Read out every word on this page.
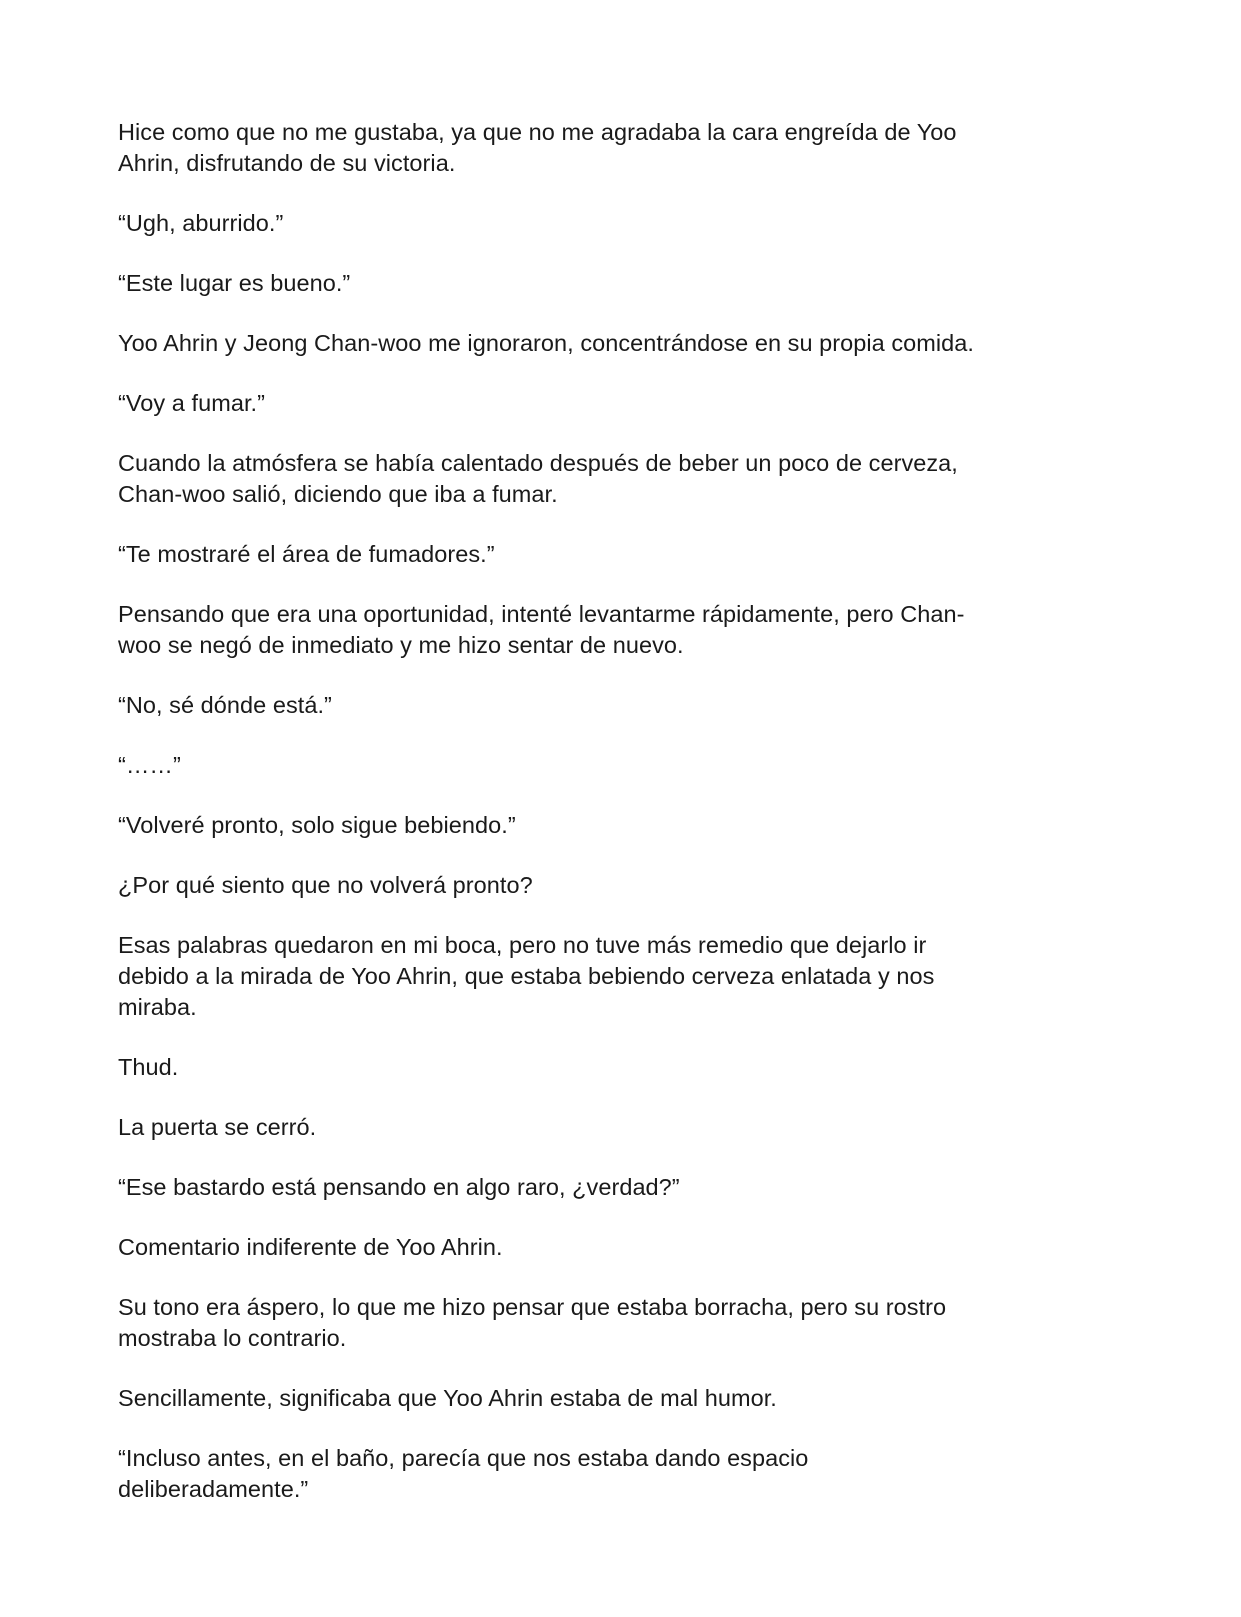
Hice como que no me gustaba, ya que no me agradaba la cara engreída de Yoo
Ahrin, disfrutando de su victoria.

“Ugh, aburrido.”

“Este lugar es bueno.”

Yoo Ahrin y Jeong Chan-woo me ignoraron, concentrándose en su propia comida.

“Voy a fumar.”

Cuando la atmósfera se había calentado después de beber un poco de cerveza,
Chan-woo salió, diciendo que iba a fumar.

“Te mostraré el área de fumadores.”

Pensando que era una oportunidad, intenté levantarme rápidamente, pero Chan-
woo se negó de inmediato y me hizo sentar de nuevo.

“No, sé dónde está.”

“……”

“Volveré pronto, solo sigue bebiendo.”

¿Por qué siento que no volverá pronto?

Esas palabras quedaron en mi boca, pero no tuve más remedio que dejarlo ir
debido a la mirada de Yoo Ahrin, que estaba bebiendo cerveza enlatada y nos
miraba.

Thud.

La puerta se cerró.

“Ese bastardo está pensando en algo raro, ¿verdad?”

Comentario indiferente de Yoo Ahrin.

Su tono era áspero, lo que me hizo pensar que estaba borracha, pero su rostro
mostraba lo contrario.

Sencillamente, significaba que Yoo Ahrin estaba de mal humor.

“Incluso antes, en el baño, parecía que nos estaba dando espacio
deliberadamente.”
